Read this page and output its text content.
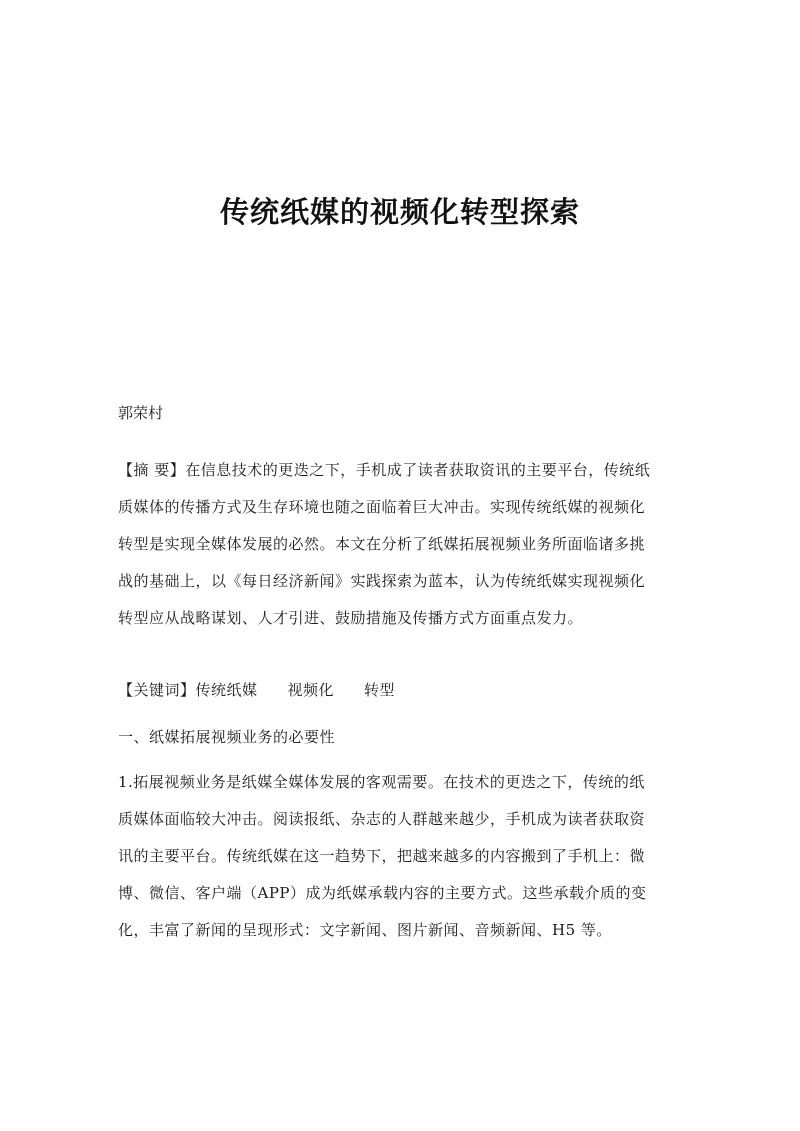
传统纸媒的视频化转型探索
郭荣村
【摘 要】在信息技术的更迭之下，手机成了读者获取资讯的主要平台，传统纸
质媒体的传播方式及生存环境也随之面临着巨大冲击。实现传统纸媒的视频化
转型是实现全媒体发展的必然。本文在分析了纸媒拓展视频业务所面临诸多挑
战的基础上，以《每日经济新闻》实践探索为蓝本，认为传统纸媒实现视频化
转型应从战略谋划、人才引进、鼓励措施及传播方式方面重点发力。
【关键词】传统纸媒 视频化 转型
一、纸媒拓展视频业务的必要性
1.拓展视频业务是纸媒全媒体发展的客观需要。在技术的更迭之下，传统的纸
质媒体面临较大冲击。阅读报纸、杂志的人群越来越少，手机成为读者获取资
讯的主要平台。传统纸媒在这一趋势下，把越来越多的内容搬到了手机上：微
博、微信、客户端（APP）成为纸媒承载内容的主要方式。这些承载介质的变
化，丰富了新闻的呈现形式：文字新闻、图片新闻、音频新闻、H5 等。
